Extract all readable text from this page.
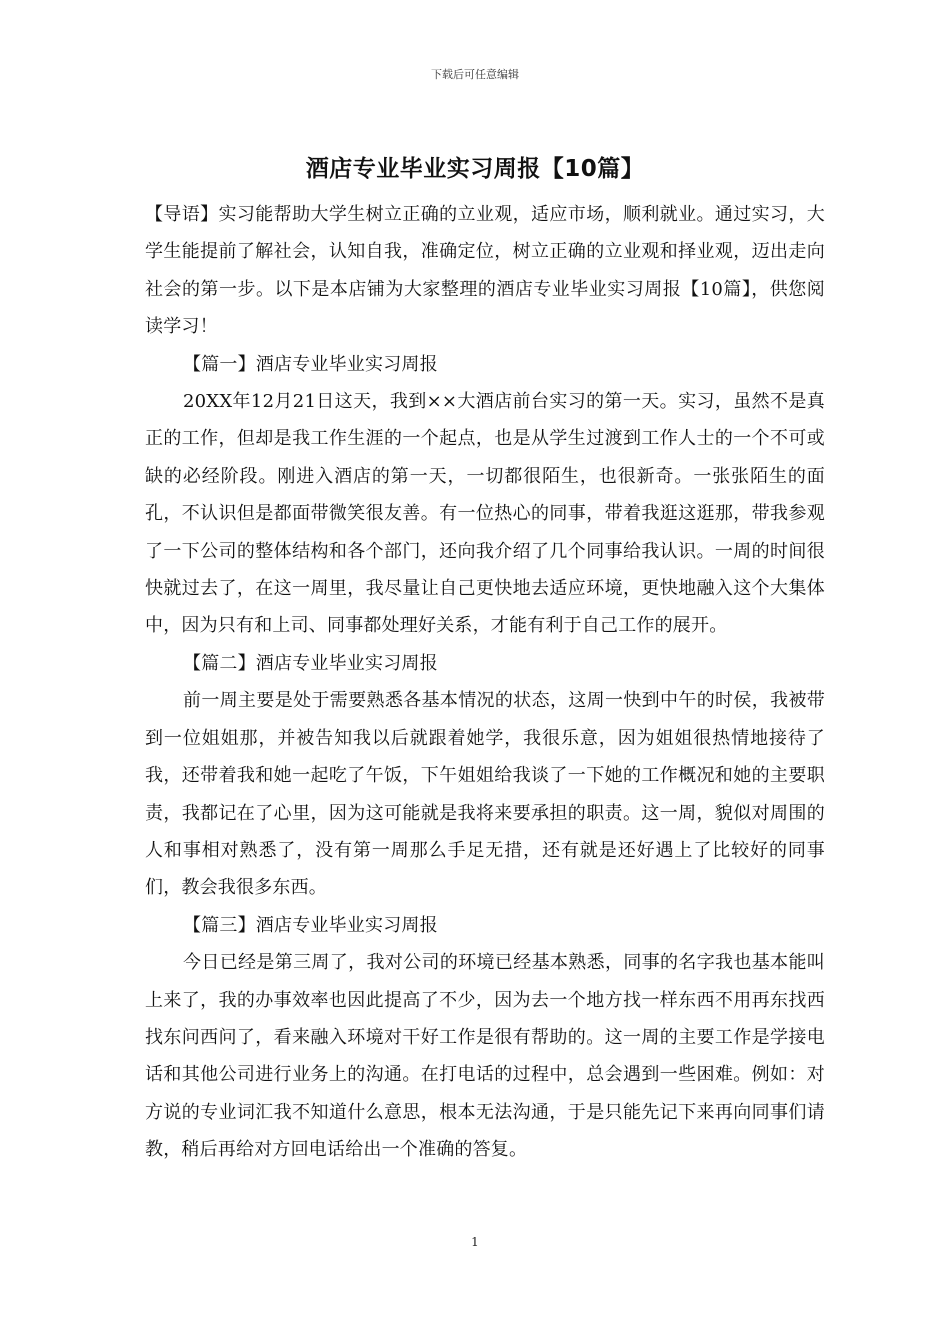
下载后可任意编辑
酒店专业毕业实习周报【10篇】

【导语】实习能帮助大学生树立正确的立业观，适应市场，顺利就业。通过实习，大学生能提前了解社会，认知自我，准确定位，树立正确的立业观和择业观，迈出走向社会的第一步。以下是本店铺为大家整理的酒店专业毕业实习周报【10篇】，供您阅读学习！

【篇一】酒店专业毕业实习周报

20XX年12月21日这天，我到××大酒店前台实习的第一天。实习，虽然不是真正的工作，但却是我工作生涯的一个起点，也是从学生过渡到工作人士的一个不可或缺的必经阶段。刚进入酒店的第一天，一切都很陌生，也很新奇。一张张陌生的面孔，不认识但是都面带微笑很友善。有一位热心的同事，带着我逛这逛那，带我参观了一下公司的整体结构和各个部门，还向我介绍了几个同事给我认识。一周的时间很快就过去了，在这一周里，我尽量让自己更快地去适应环境，更快地融入这个大集体中，因为只有和上司、同事都处理好关系，才能有利于自己工作的展开。

【篇二】酒店专业毕业实习周报

前一周主要是处于需要熟悉各基本情况的状态，这周一快到中午的时侯，我被带到一位姐姐那，并被告知我以后就跟着她学，我很乐意，因为姐姐很热情地接待了我，还带着我和她一起吃了午饭，下午姐姐给我谈了一下她的工作概况和她的主要职责，我都记在了心里，因为这可能就是我将来要承担的职责。这一周，貌似对周围的人和事相对熟悉了，没有第一周那么手足无措，还有就是还好遇上了比较好的同事们，教会我很多东西。

【篇三】酒店专业毕业实习周报

今日已经是第三周了，我对公司的环境已经基本熟悉，同事的名字我也基本能叫上来了，我的办事效率也因此提高了不少，因为去一个地方找一样东西不用再东找西找东问西问了，看来融入环境对干好工作是很有帮助的。这一周的主要工作是学接电话和其他公司进行业务上的沟通。在打电话的过程中，总会遇到一些困难。例如：对方说的专业词汇我不知道什么意思，根本无法沟通，于是只能先记下来再向同事们请教，稍后再给对方回电话给出一个准确的答复。

1
